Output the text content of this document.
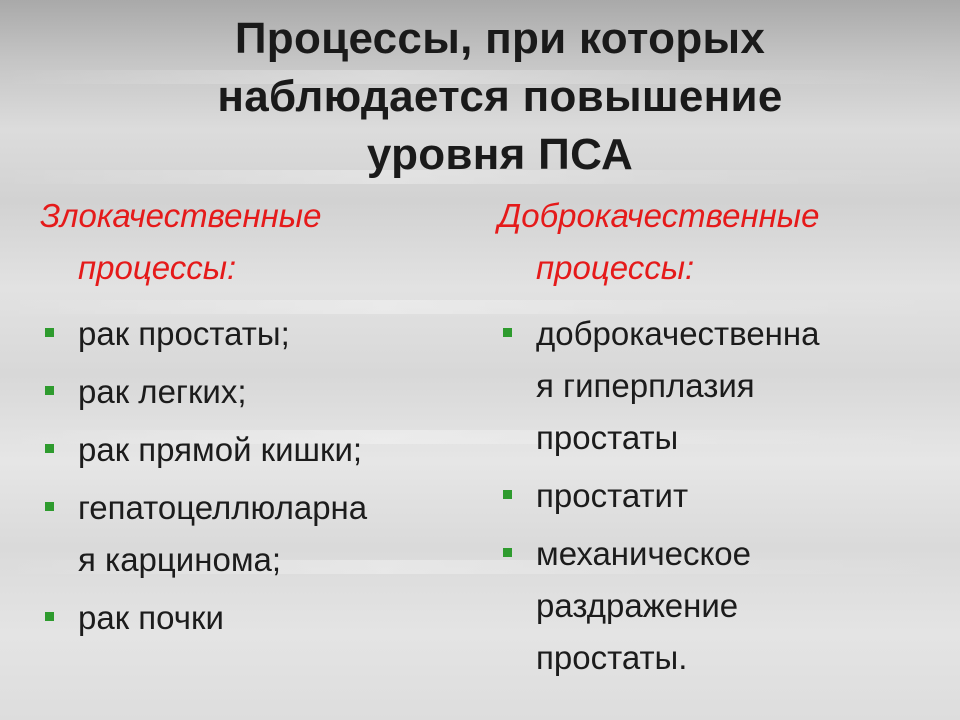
Процессы, при которых
наблюдается повышение
уровня ПСА
Злокачественные
процессы:
рак простаты;
рак легких;
рак прямой кишки;
гепатоцеллюларна
я карцинома;
рак почки
Доброкачественные
процессы:
доброкачественна
я гиперплазия
простаты
простатит
механическое
раздражение
простаты.
